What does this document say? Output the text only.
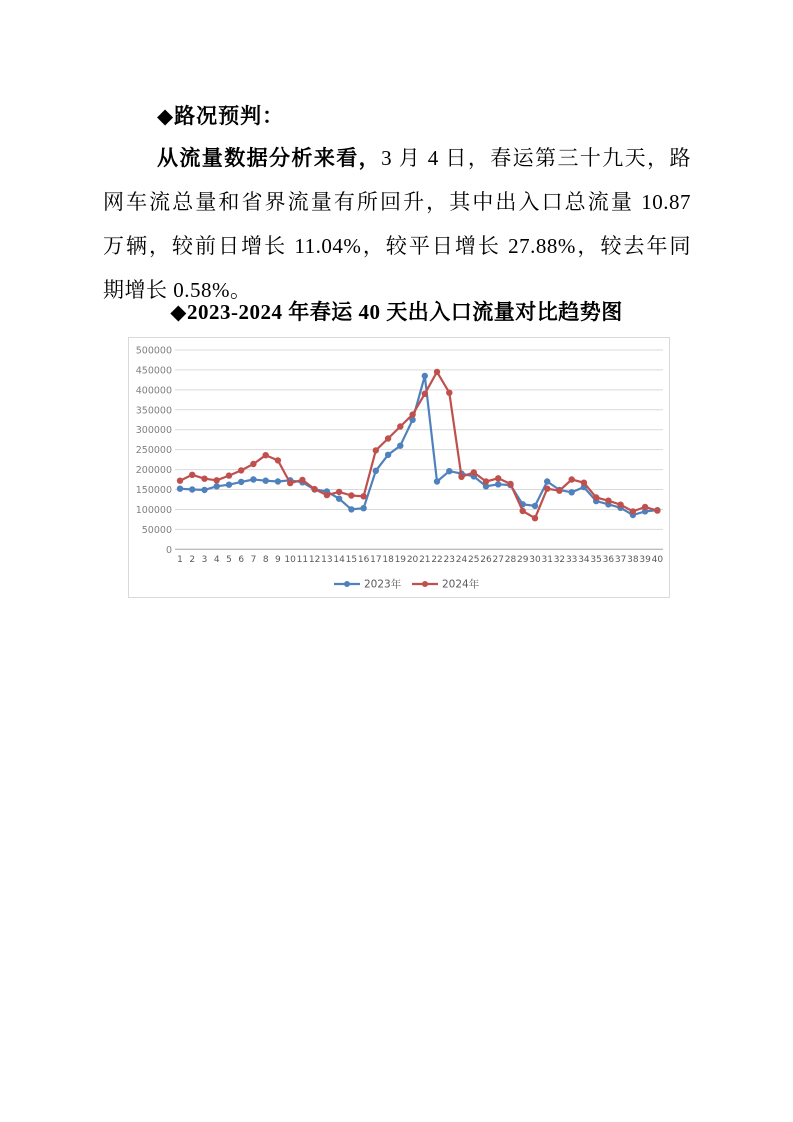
◆路况预判：
从流量数据分析来看，3 月 4 日，春运第三十九天，路
网车流总量和省界流量有所回升，其中出入口总流量 10.87
万辆，较前日增长 11.04%，较平日增长 27.88%，较去年同
期增长 0.58%。
◆2023-2024 年春运 40 天出入口流量对比趋势图
0
50000
100000
150000
200000
250000
300000
350000
400000
450000
500000
1 2 3 4 5 6 7 8 9 10 11 12 13 14 15 16 17 18 19 20 21 22 23 24 25 26 27 28 29 30 31 32 33 34 35 36 37 38 39 40
2023年	2024年
